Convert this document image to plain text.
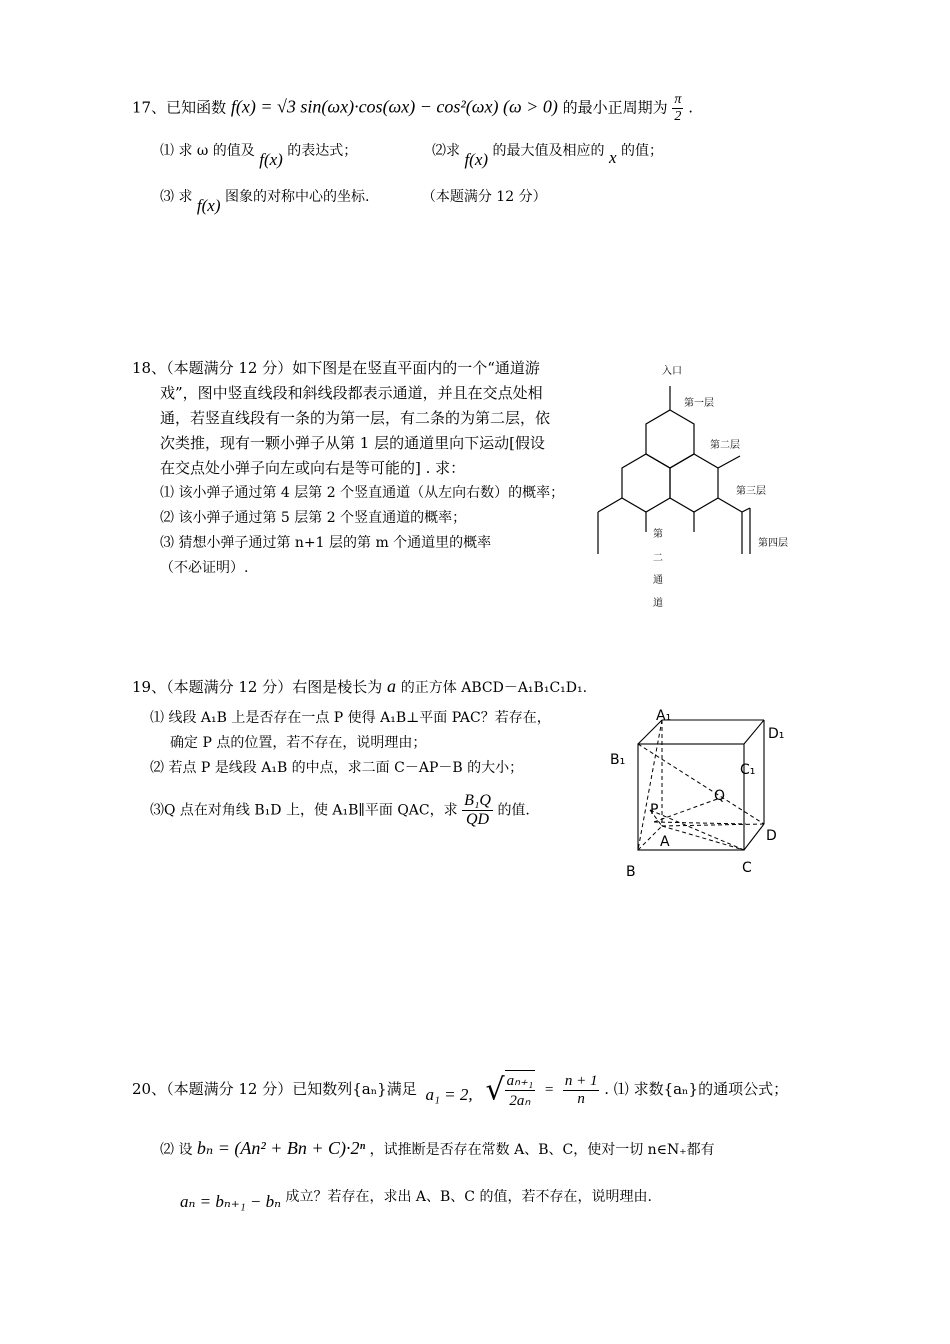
17、已知函数 f(x) = √3 sin(ωx)·cos(ωx) − cos²(ωx) (ω > 0) 的最小正周期为 $\frac{\pi}{2}$ .
⑴ 求 ω 的值及 f(x) 的表达式；	⑵求 f(x) 的最大值及相应的 x 的值；
⑶ 求 f(x) 图象的对称中心的坐标.	（本题满分 12 分）
18、（本题满分 12 分）如下图是在竖直平面内的一个“通道游
戏”，图中竖直线段和斜线段都表示通道，并且在交点处相
通，若竖直线段有一条的为第一层，有二条的为第二层，依
次类推，现有一颗小弹子从第 1 层的通道里向下运动[假设
在交点处小弹子向左或向右是等可能的] . 求：
⑴ 该小弹子通过第 4 层第 2 个竖直通道（从左向右数）的概率；
⑵ 该小弹子通过第 5 层第 2 个竖直通道的概率；
⑶ 猜想小弹子通过第 n+1 层的第 m 个通道里的概率
（不必证明）.
入口
第一层
第二层
第三层
第四层
第
二
通
道
19、（本题满分 12 分）右图是棱长为 a 的正方体 ABCD－A₁B₁C₁D₁.
⑴ 线段 A₁B 上是否存在一点 P 使得 A₁B⊥平面 PAC？若存在，
确定 P 点的位置，若不存在，说明理由；
⑵ 若点 P 是线段 A₁B 的中点，求二面 C－AP－B 的大小；
⑶Q 点在对角线 B₁D 上，使 A₁B∥平面 QAC，求 $\frac{\text{B₁Q}}{QD}$ 的值.
A₁
D₁
B₁
C₁
Q
P
D
A
C
B
20、（本题满分 12 分）已知数列{aₙ}满足 a₁ = 2, √ $\frac{\text{aₙ₊₁}}{\text{2aₙ}} = \frac{n + 1}{n}$ . ⑴ 求数{aₙ}的通项公式；
⑵ 设 bₙ = (An² + Bn + C)·2ⁿ ，试推断是否存在常数 A、B、C，使对一切 n∈N₊都有
aₙ = bₙ₊₁ − bₙ 成立？若存在，求出 A、B、C 的值，若不存在，说明理由.
